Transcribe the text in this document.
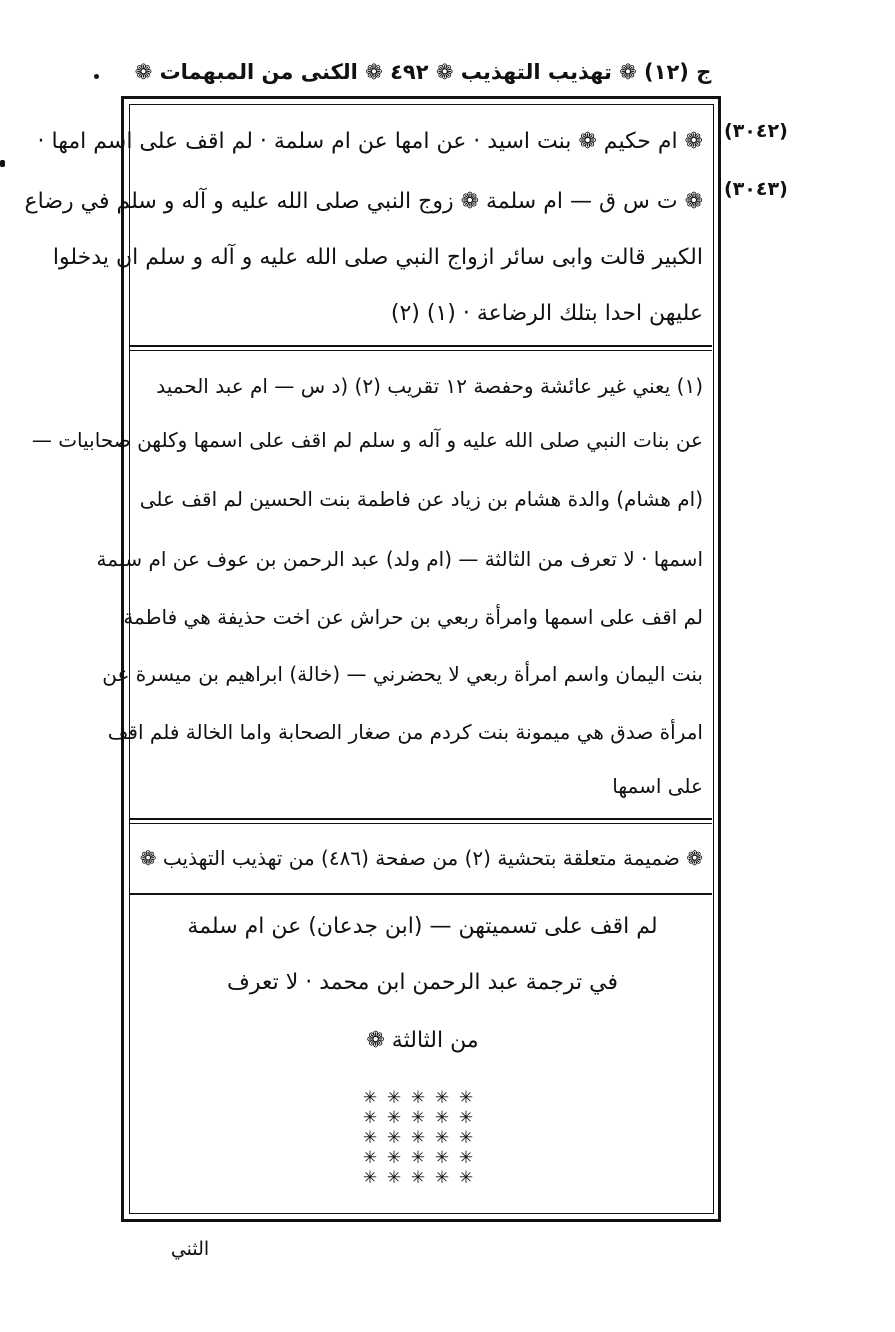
ج (١٢) ❁ تهذيب التهذيب ❁ ٤٩٢ ❁ الكنى من المبهمات ❁
(٣٠٤٢)
❁ ام حكيم ❁ بنت اسيد · عن امها عن ام سلمة · لم اقف على اسم امها ·
(٣٠٤٣)
❁ ت س ق — ام سلمة ❁ زوج النبي صلى الله عليه و آله و سلم في رضاع
الكبير قالت وابى سائر ازواج النبي صلى الله عليه و آله و سلم ان يدخلوا
عليهن احدا بتلك الرضاعة · (١) (٢)
(١) يعني غير عائشة وحفصة ١٢ تقريب (٢) (د س — ام عبد الحميد
عن بنات النبي صلى الله عليه و آله و سلم لم اقف على اسمها وكلهن صحابيات —
(ام هشام) والدة هشام بن زياد عن فاطمة بنت الحسين لم اقف على
اسمها · لا تعرف من الثالثة — (ام ولد) عبد الرحمن بن عوف عن ام سلمة
لم اقف على اسمها وامرأة ربعي بن حراش عن اخت حذيفة هي فاطمة
بنت اليمان واسم امرأة ربعي لا يحضرني — (خالة) ابراهيم بن ميسرة عن
امرأة صدق هي ميمونة بنت كردم من صغار الصحابة واما الخالة فلم اقف
على اسمها
❁ ضميمة متعلقة بتحشية (٢) من صفحة (٤٨٦) من تهذيب التهذيب ❁
لم اقف على تسميتهن — (ابن جدعان) عن ام سلمة
في ترجمة عبد الرحمن ابن محمد · لا تعرف
من الثالثة ❁
✳ ✳ ✳ ✳ ✳
✳ ✳ ✳ ✳ ✳
✳ ✳ ✳ ✳ ✳
✳ ✳ ✳ ✳ ✳
✳ ✳ ✳ ✳ ✳
الثني
